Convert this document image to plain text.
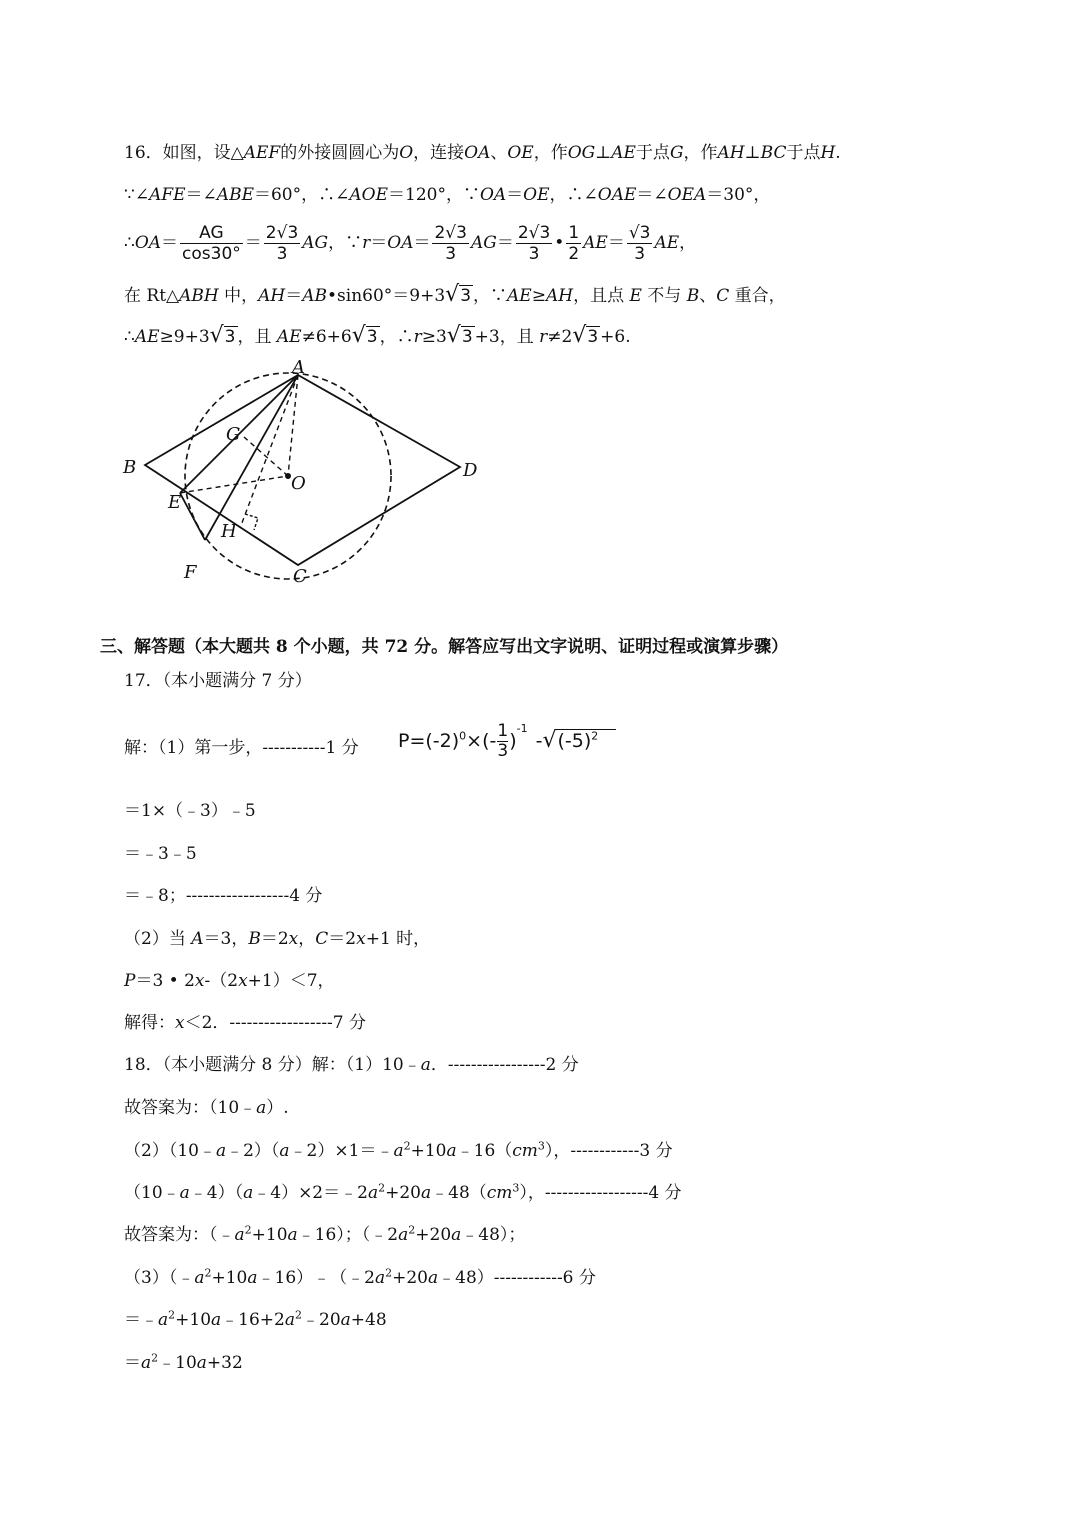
16．如图，设△AEF的外接圆圆心为O，连接OA、OE，作OG⊥AE于点G，作AH⊥BC于点H.
∵∠AFE＝∠ABE＝60°，∴∠AOE＝120°，∵OA＝OE，∴∠OAE＝∠OEA＝30°，
∴OA＝ $\frac{AG}{\cos 30^\circ} = \frac{2√3}{3}$ AG，∵r＝OA＝ $\frac{2√3}{3} AG= \frac{2√3}{3}$ • $\frac{1}{2} AE= \frac{√3}{3}$ AE，
在 Rt△ABH 中，AH＝AB•sin60°＝9+3√3 ，∵AE≥AH，且点 E 不与 B、C 重合，
∴AE≥9+3√3 ，且 AE≠6+6√3 ，∴r≥3√3 +3，且 r≠2√3 +6.
A
B
C
D
E
F
G
H
O
三、解答题（本大题共 8 个小题，共 72 分。解答应写出文字说明、证明过程或演算步骤）
17．（本小题满分 7 分）
解：（1）第一步，-----------1 分 $P=(-2)^0\times(- \frac{1}{3} )^{-1}-√(-5)^2$
＝1×（﹣3）﹣5
＝﹣3﹣5
＝﹣8；------------------4 分
（2）当 A＝3，B＝2x，C＝2x+1 时，
P＝3 • 2x-（2x+1）＜7，
解得：x＜2．------------------7 分
18．（本小题满分 8 分）解：（1）10﹣a．-----------------2 分
故答案为：（10﹣a）.
$(2)(10﹣a﹣2)(a﹣2)\times 1=﹣a^2+10a﹣16(cm^3)$，------------3 分
$(10﹣a﹣4)(a﹣4)\times 2=﹣2a^2+20a﹣48(cm^3)$，------------------4 分
故答案为：$(﹣a^2+10a﹣16)$；$(﹣2a^2+20a﹣48)$；
$(3)(﹣a^2+10a﹣16)﹣(﹣2a^2+20a﹣48)------------6$ 分
$=﹣a^2+10a﹣16+2a^2﹣20a+48$
$=a^2﹣10a+32$
